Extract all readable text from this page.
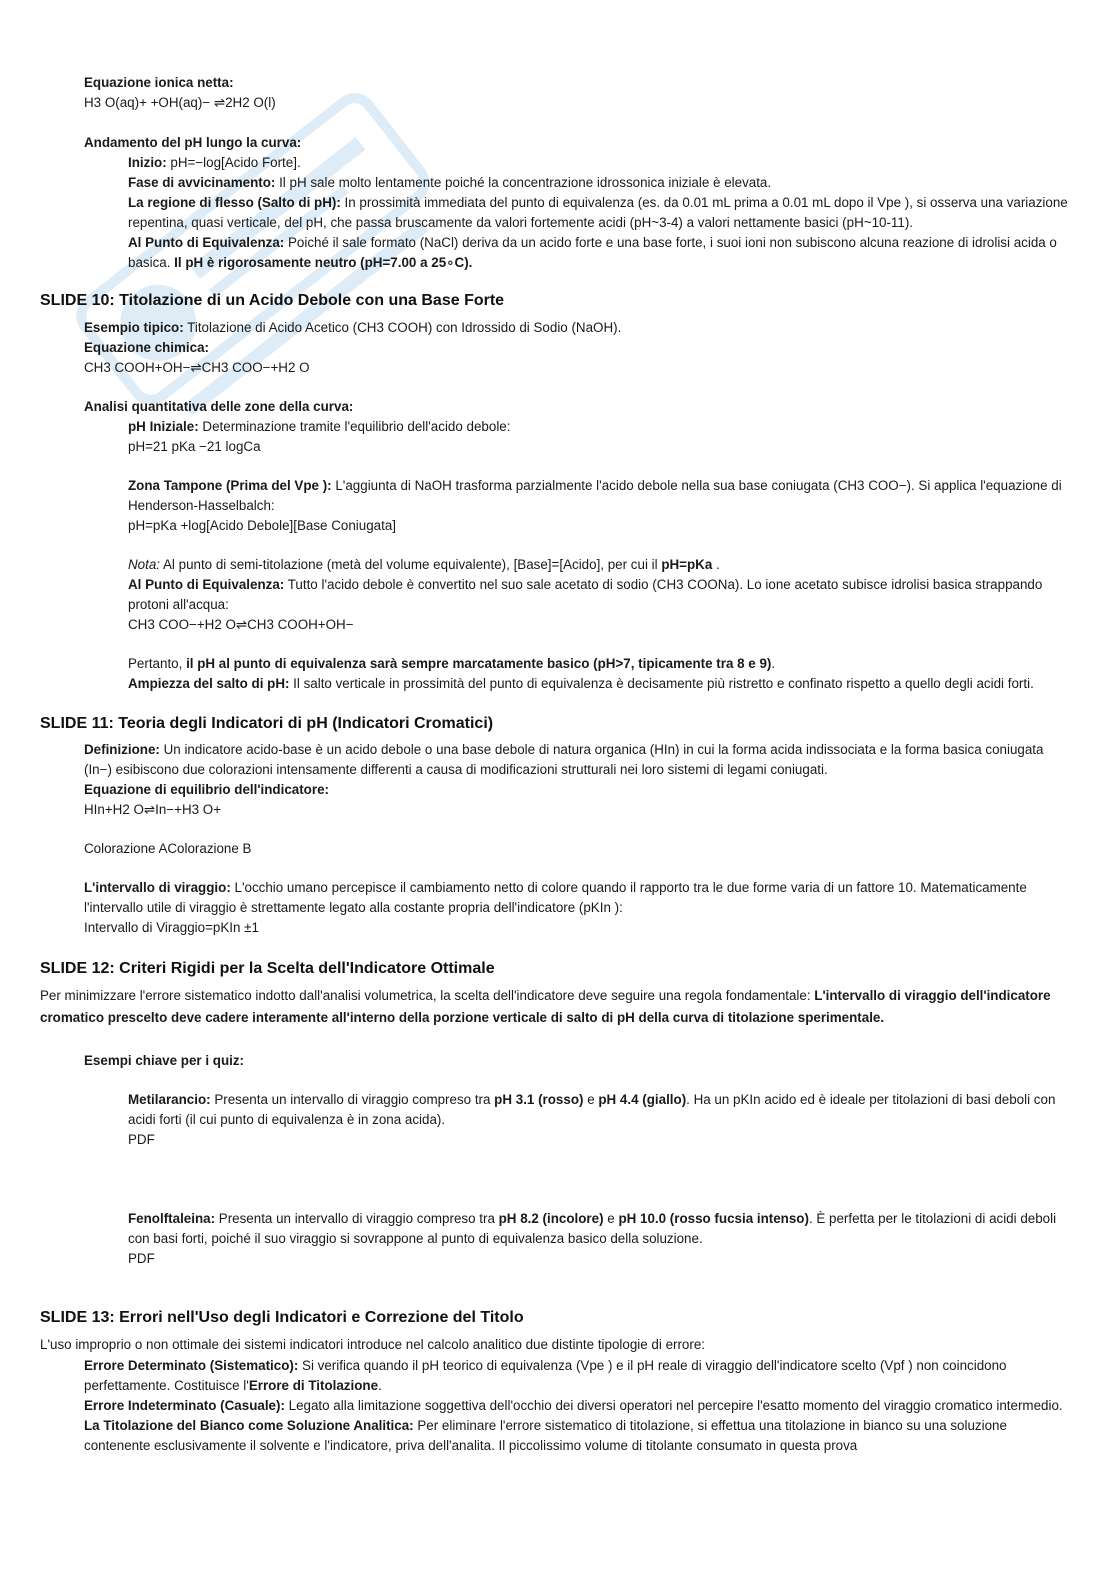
Equazione ionica netta:

H3 O(aq)+ +OH(aq)− ⇌2H2 O(l)

Andamento del pH lungo la curva:

Inizio: pH=−log[Acido Forte].

Fase di avvicinamento: Il pH sale molto lentamente poiché la concentrazione idrossonica iniziale è elevata.

La regione di flesso (Salto di pH): In prossimità immediata del punto di equivalenza (es. da 0.01 mL prima a 0.01 mL dopo il Vpe ), si osserva una variazione repentina, quasi verticale, del pH, che passa bruscamente da valori fortemente acidi (pH~3-4) a valori nettamente basici (pH~10-11).

Al Punto di Equivalenza: Poiché il sale formato (NaCl) deriva da un acido forte e una base forte, i suoi ioni non subiscono alcuna reazione di idrolisi acida o basica. Il pH è rigorosamente neutro (pH=7.00 a 25∘C).

SLIDE 10: Titolazione di un Acido Debole con una Base Forte

Esempio tipico: Titolazione di Acido Acetico (CH3 COOH) con Idrossido di Sodio (NaOH).

Equazione chimica:

CH3 COOH+OH−⇌CH3 COO−+H2 O

Analisi quantitativa delle zone della curva:

pH Iniziale: Determinazione tramite l'equilibrio dell'acido debole:

pH=21 pKa −21 logCa

Zona Tampone (Prima del Vpe ): L'aggiunta di NaOH trasforma parzialmente l'acido debole nella sua base coniugata (CH3 COO−). Si applica l'equazione di Henderson-Hasselbalch:

pH=pKa +log[Acido Debole][Base Coniugata]

Nota: Al punto di semi-titolazione (metà del volume equivalente), [Base]=[Acido], per cui il pH=pKa .

Al Punto di Equivalenza: Tutto l'acido debole è convertito nel suo sale acetato di sodio (CH3 COONa). Lo ione acetato subisce idrolisi basica strappando protoni all'acqua:

CH3 COO−+H2 O⇌CH3 COOH+OH−

Pertanto, il pH al punto di equivalenza sarà sempre marcatamente basico (pH>7, tipicamente tra 8 e 9).

Ampiezza del salto di pH: Il salto verticale in prossimità del punto di equivalenza è decisamente più ristretto e confinato rispetto a quello degli acidi forti.

SLIDE 11: Teoria degli Indicatori di pH (Indicatori Cromatici)

Definizione: Un indicatore acido-base è un acido debole o una base debole di natura organica (HIn) in cui la forma acida indissociata e la forma basica coniugata (In−) esibiscono due colorazioni intensamente differenti a causa di modificazioni strutturali nei loro sistemi di legami coniugati.

Equazione di equilibrio dell'indicatore:

HIn+H2 O⇌In−+H3 O+

Colorazione AColorazione B

L'intervallo di viraggio: L'occhio umano percepisce il cambiamento netto di colore quando il rapporto tra le due forme varia di un fattore 10. Matematicamente l'intervallo utile di viraggio è strettamente legato alla costante propria dell'indicatore (pKIn ):

Intervallo di Viraggio=pKIn ±1

SLIDE 12: Criteri Rigidi per la Scelta dell'Indicatore Ottimale

Per minimizzare l'errore sistematico indotto dall'analisi volumetrica, la scelta dell'indicatore deve seguire una regola fondamentale: L'intervallo di viraggio dell'indicatore cromatico prescelto deve cadere interamente all'interno della porzione verticale di salto di pH della curva di titolazione sperimentale.

Esempi chiave per i quiz:

Metilarancio: Presenta un intervallo di viraggio compreso tra pH 3.1 (rosso) e pH 4.4 (giallo). Ha un pKIn acido ed è ideale per titolazioni di basi deboli con acidi forti (il cui punto di equivalenza è in zona acida).

PDF

Fenolftaleina: Presenta un intervallo di viraggio compreso tra pH 8.2 (incolore) e pH 10.0 (rosso fucsia intenso). È perfetta per le titolazioni di acidi deboli con basi forti, poiché il suo viraggio si sovrappone al punto di equivalenza basico della soluzione.

PDF

SLIDE 13: Errori nell'Uso degli Indicatori e Correzione del Titolo

L'uso improprio o non ottimale dei sistemi indicatori introduce nel calcolo analitico due distinte tipologie di errore:

Errore Determinato (Sistematico): Si verifica quando il pH teorico di equivalenza (Vpe ) e il pH reale di viraggio dell'indicatore scelto (Vpf ) non coincidono perfettamente. Costituisce l'Errore di Titolazione.

Errore Indeterminato (Casuale): Legato alla limitazione soggettiva dell'occhio dei diversi operatori nel percepire l'esatto momento del viraggio cromatico intermedio.

La Titolazione del Bianco come Soluzione Analitica: Per eliminare l'errore sistematico di titolazione, si effettua una titolazione in bianco su una soluzione contenente esclusivamente il solvente e l'indicatore, priva dell'analita. Il piccolissimo volume di titolante consumato in questa prova
